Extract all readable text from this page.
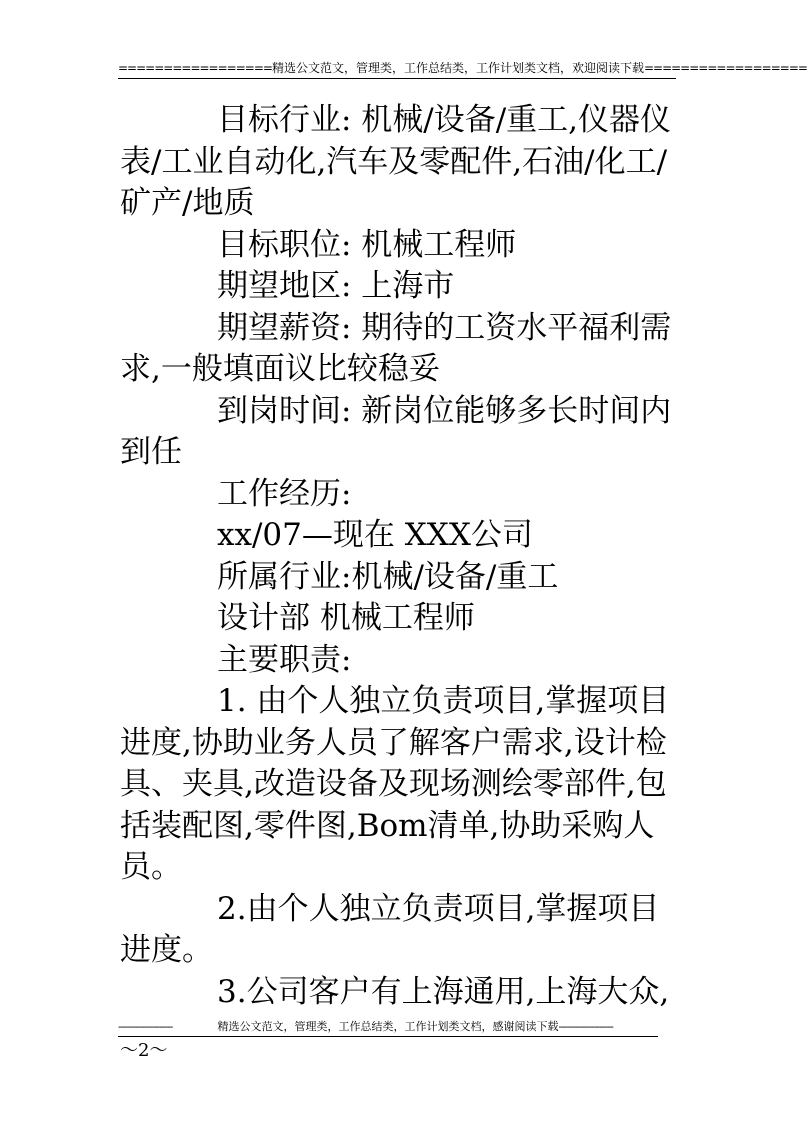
================= 精选公文范文，管理类，工作总结类，工作计划类文档，欢迎阅读下载 ==================

目标行业: 机械/设备/重工,仪器仪表/工业自动化,汽车及零配件,石油/化工/矿产/地质

目标职位: 机械工程师

期望地区: 上海市

期望薪资: 期待的工资水平福利需求,一般填面议比较稳妥

到岗时间: 新岗位能够多长时间内到任

工作经历:

xx/07—现在 XXX公司

所属行业:机械/设备/重工

设计部 机械工程师

主要职责:

1. 由个人独立负责项目,掌握项目进度,协助业务人员了解客户需求,设计检具、夹具,改造设备及现场测绘零部件,包括装配图,零件图,Bom清单,协助采购人员。

2.由个人独立负责项目,掌握项目进度。

3.公司客户有上海通用,上海大众,

--------------------	精选公文范文，管理类，工作总结类，工作计划类文档，感谢阅读下载 --------------------
～2～
